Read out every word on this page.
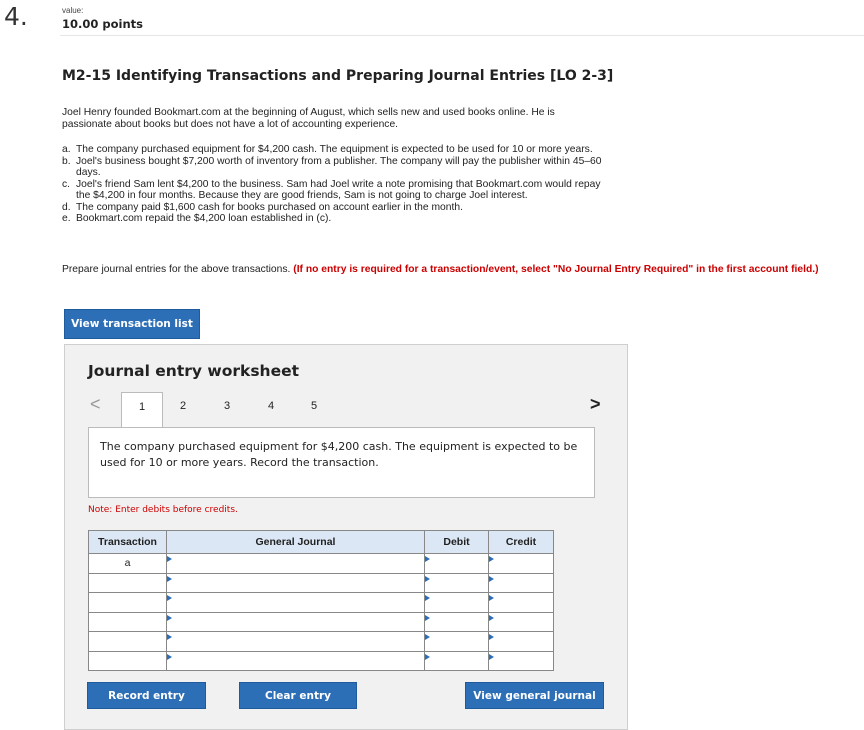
4.	value:
10.00 points
M2-15 Identifying Transactions and Preparing Journal Entries [LO 2-3]
Joel Henry founded Bookmart.com at the beginning of August, which sells new and used books online. He is passionate about books but does not have a lot of accounting experience.
a. The company purchased equipment for $4,200 cash. The equipment is expected to be used for 10 or more years.
b. Joel's business bought $7,200 worth of inventory from a publisher. The company will pay the publisher within 45–60 days.
c. Joel's friend Sam lent $4,200 to the business. Sam had Joel write a note promising that Bookmart.com would repay the $4,200 in four months. Because they are good friends, Sam is not going to charge Joel interest.
d. The company paid $1,600 cash for books purchased on account earlier in the month.
e. Bookmart.com repaid the $4,200 loan established in (c).
Prepare journal entries for the above transactions. (If no entry is required for a transaction/event, select "No Journal Entry Required" in the first account field.)
View transaction list
Journal entry worksheet
<	1	2	3	4	5	>
The company purchased equipment for $4,200 cash. The equipment is expected to be used for 10 or more years. Record the transaction.
Note: Enter debits before credits.
Transaction	General Journal	Debit	Credit
a	

Record entry	Clear entry	View general journal
